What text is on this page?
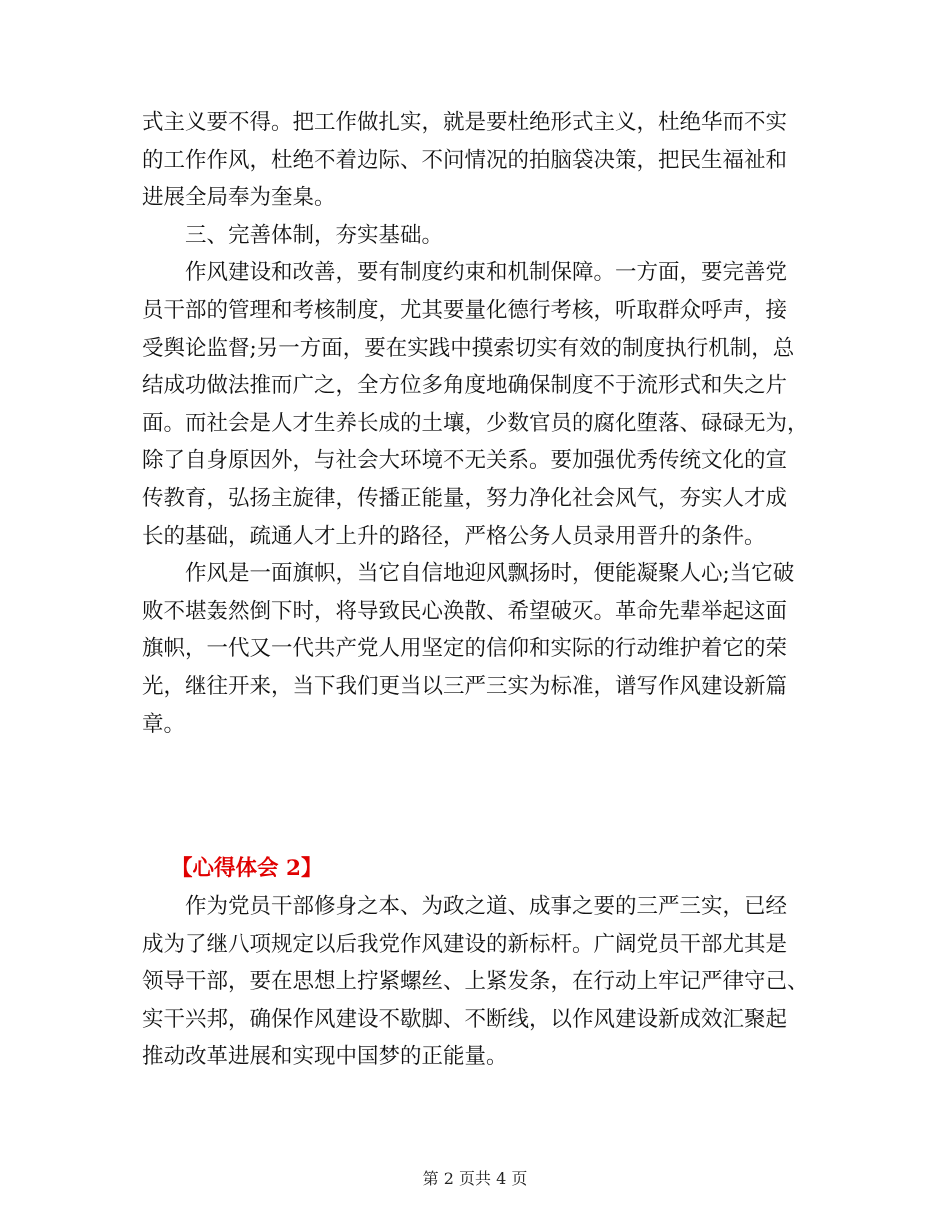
式主义要不得。把工作做扎实，就是要杜绝形式主义，杜绝华而不实
的工作作风，杜绝不着边际、不问情况的拍脑袋决策，把民生福祉和
进展全局奉为奎臬。

三、完善体制，夯实基础。

作风建设和改善，要有制度约束和机制保障。一方面，要完善党
员干部的管理和考核制度，尤其要量化德行考核，听取群众呼声，接
受舆论监督;另一方面，要在实践中摸索切实有效的制度执行机制，总
结成功做法推而广之，全方位多角度地确保制度不于流形式和失之片
面。而社会是人才生养长成的土壤，少数官员的腐化堕落、碌碌无为，
除了自身原因外，与社会大环境不无关系。要加强优秀传统文化的宣
传教育，弘扬主旋律，传播正能量，努力净化社会风气，夯实人才成
长的基础，疏通人才上升的路径，严格公务人员录用晋升的条件。

作风是一面旗帜，当它自信地迎风飘扬时，便能凝聚人心;当它破
败不堪轰然倒下时，将导致民心涣散、希望破灭。革命先辈举起这面
旗帜，一代又一代共产党人用坚定的信仰和实际的行动维护着它的荣
光，继往开来，当下我们更当以三严三实为标准，谱写作风建设新篇
章。

【心得体会 2】

作为党员干部修身之本、为政之道、成事之要的三严三实，已经
成为了继八项规定以后我党作风建设的新标杆。广阔党员干部尤其是
领导干部，要在思想上拧紧螺丝、上紧发条，在行动上牢记严律守己、
实干兴邦，确保作风建设不歇脚、不断线，以作风建设新成效汇聚起
推动改革进展和实现中国梦的正能量。

第 2 页共 4 页
